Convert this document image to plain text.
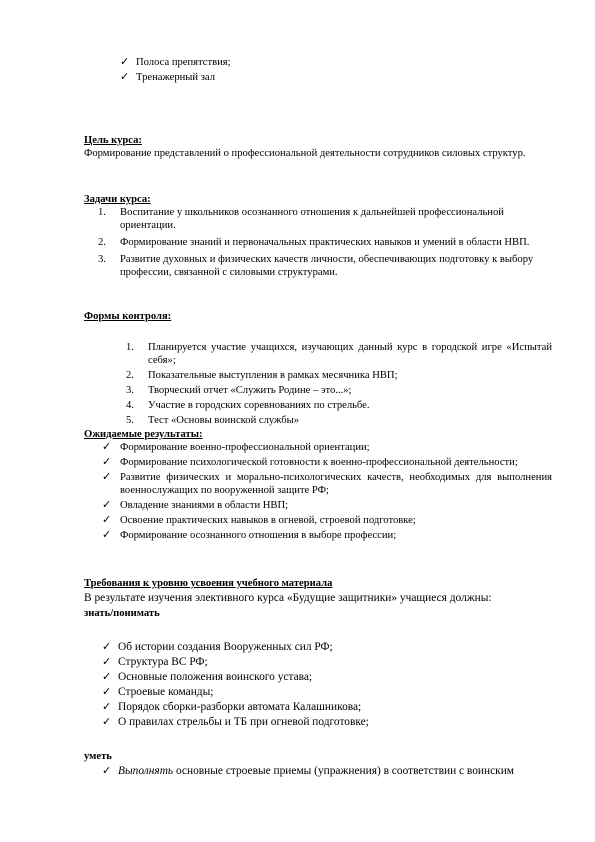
✓ Полоса препятствия;
✓ Тренажерный зал
Цель курса:
Формирование представлений о профессиональной деятельности сотрудников силовых структур.
Задачи курса:
1. Воспитание у школьников осознанного отношения к дальнейшей профессиональной ориентации.
2. Формирование знаний и первоначальных практических навыков и умений в области НВП.
3. Развитие духовных и физических качеств личности, обеспечивающих подготовку к выбору профессии, связанной с силовыми структурами.
Формы контроля:
1. Планируется участие учащихся, изучающих данный курс в городской игре «Испытай себя»;
2. Показательные выступления в рамках месячника НВП;
3. Творческий отчет «Служить Родине – это...»;
4. Участие в городских соревнованиях по стрельбе.
5. Тест «Основы воинской службы»
Ожидаемые результаты:
✓ Формирование военно-профессиональной ориентации;
✓ Формирование психологической готовности к военно-профессиональной деятельности;
✓ Развитие физических и морально-психологических качеств, необходимых для выполнения военнослужащих по вооруженной защите РФ;
✓ Овладение знаниями в области НВП;
✓ Освоение практических навыков в огневой, строевой подготовке;
✓ Формирование осознанного отношения в выборе профессии;
Требования к уровню усвоения учебного материала
В результате изучения элективного курса «Будущие защитники» учащиеся должны:
знать/понимать
✓ Об истории создания Вооруженных сил РФ;
✓ Структура ВС РФ;
✓ Основные положения воинского устава;
✓ Строевые команды;
✓ Порядок сборки-разборки автомата Калашникова;
✓ О правилах стрельбы и ТБ при огневой подготовке;
уметь
✓ Выполнять основные строевые приемы (упражнения) в соответствии с воинским
